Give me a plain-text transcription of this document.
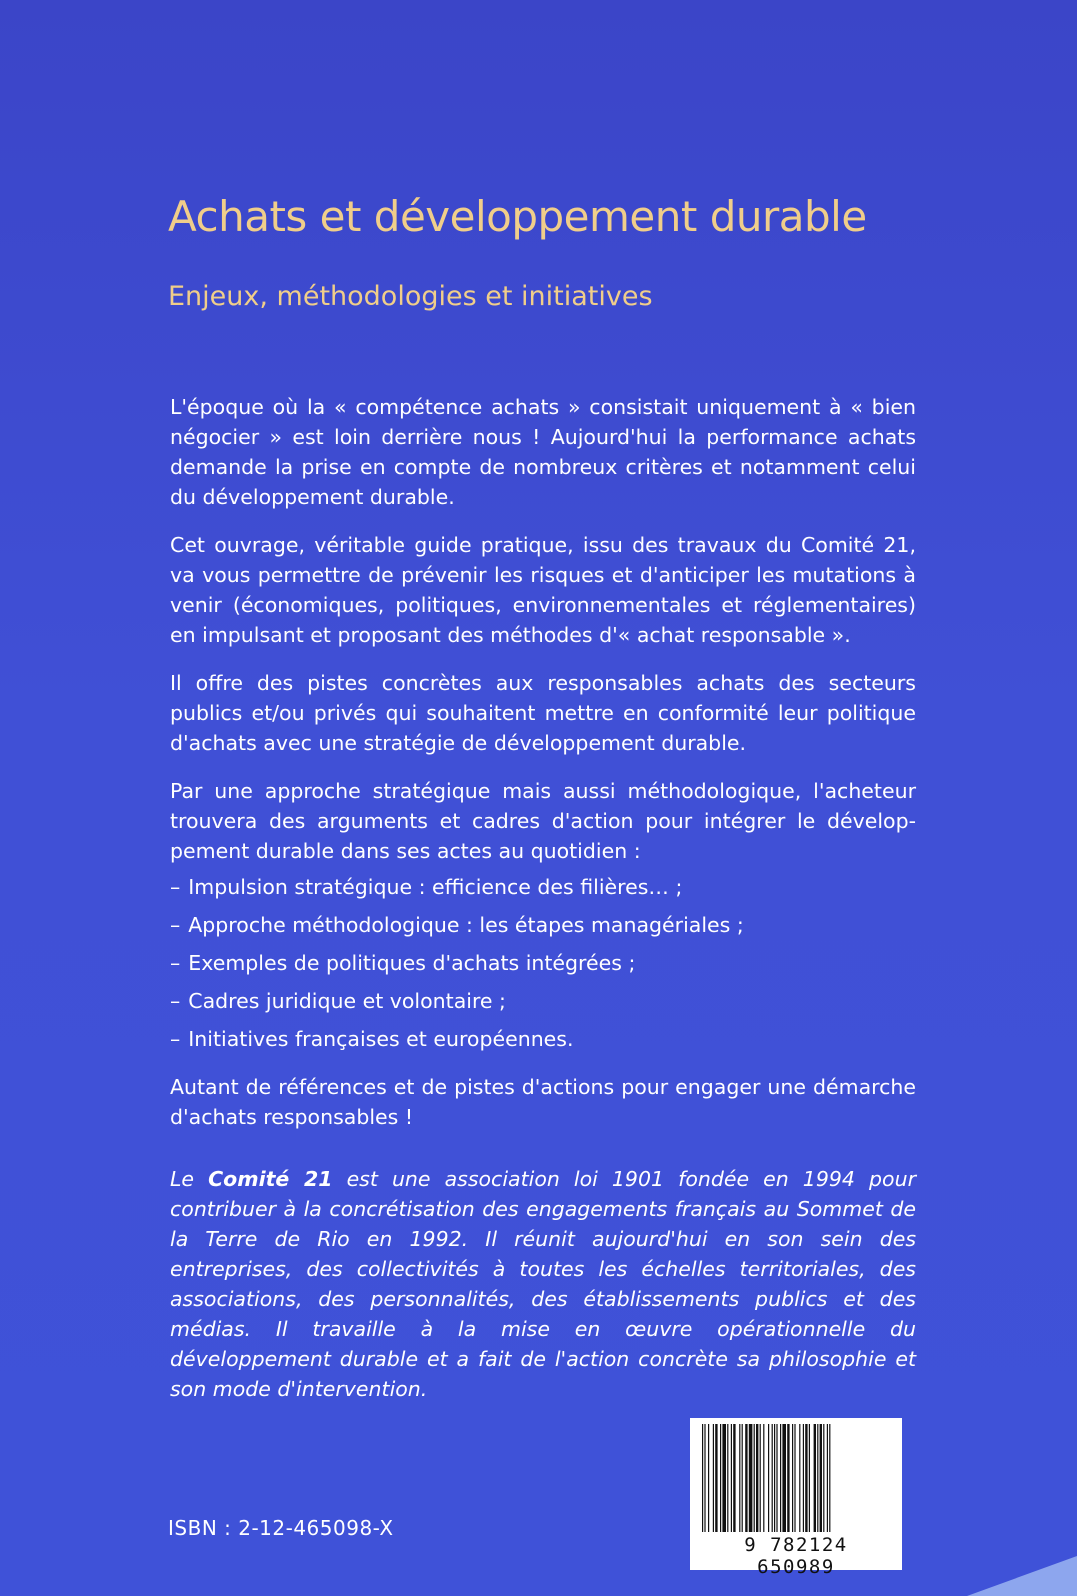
Achats et développement durable
Enjeux, méthodologies et initiatives

L'époque où la « compétence achats » consistait uniquement à « bien négocier » est loin derrière nous ! Aujourd'hui la performance achats demande la prise en compte de nombreux critères et notamment celui du développement durable.

Cet ouvrage, véritable guide pratique, issu des travaux du Comité 21, va vous permettre de prévenir les risques et d'anticiper les mutations à venir (économiques, politiques, environnementales et réglementaires) en impulsant et proposant des méthodes d'« achat responsable ».

Il offre des pistes concrètes aux responsables achats des secteurs publics et/ou privés qui souhaitent mettre en conformité leur politique d'achats avec une stratégie de développement durable.

Par une approche stratégique mais aussi méthodologique, l'acheteur trouvera des arguments et cadres d'action pour intégrer le dévelop-pement durable dans ses actes au quotidien :

– Impulsion stratégique : efficience des filières… ;
– Approche méthodologique : les étapes managériales ;
– Exemples de politiques d'achats intégrées ;
– Cadres juridique et volontaire ;
– Initiatives françaises et européennes.

Autant de références et de pistes d'actions pour engager une démarche d'achats responsables !

Le Comité 21 est une association loi 1901 fondée en 1994 pour contribuer à la concrétisation des engagements français au Sommet de la Terre de Rio en 1992. Il réunit aujourd'hui en son sein des entreprises, des collectivités à toutes les échelles territoriales, des associations, des personnalités, des établissements publics et des médias. Il travaille à la mise en œuvre opérationnelle du développement durable et a fait de l'action concrète sa philosophie et son mode d'intervention.

ISBN : 2-12-465098-X
9 782124 650989
